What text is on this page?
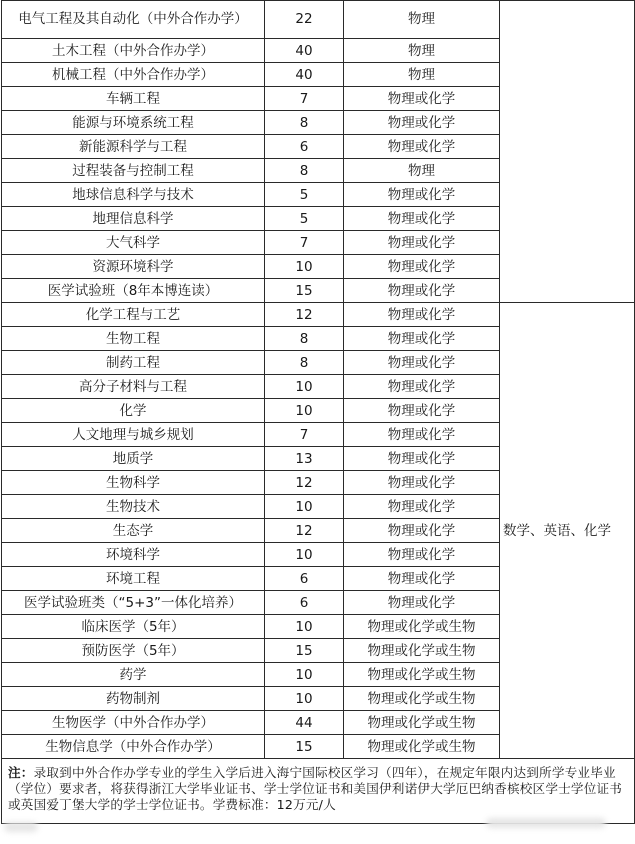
电气工程及其自动化（中外合作办学）	22	物理	
土木工程（中外合作办学）	40	物理	
机械工程（中外合作办学）	40	物理	
车辆工程	7	物理或化学	
能源与环境系统工程	8	物理或化学	
新能源科学与工程	6	物理或化学	
过程装备与控制工程	8	物理	
地球信息科学与技术	5	物理或化学	
地理信息科学	5	物理或化学	
大气科学	7	物理或化学	
资源环境科学	10	物理或化学	
医学试验班（8年本博连读）	15	物理或化学	
化学工程与工艺	12	物理或化学	数学、英语、化学
生物工程	8	物理或化学	
制药工程	8	物理或化学	
高分子材料与工程	10	物理或化学	
化学	10	物理或化学	
人文地理与城乡规划	7	物理或化学	
地质学	13	物理或化学	
生物科学	12	物理或化学	
生物技术	10	物理或化学	
生态学	12	物理或化学	
环境科学	10	物理或化学	
环境工程	6	物理或化学	
医学试验班类（“5+3”一体化培养）	6	物理或化学	
临床医学（5年）	10	物理或化学或生物	
预防医学（5年）	15	物理或化学或生物	
药学	10	物理或化学或生物	
药物制剂	10	物理或化学或生物	
生物医学（中外合作办学）	44	物理或化学或生物	
生物信息学（中外合作办学）	15	物理或化学或生物	
注：录取到中外合作办学专业的学生入学后进入海宁国际校区学习（四年），在规定年限内达到所学专业毕业（学位）要求者，将获得浙江大学毕业证书、学士学位证书和美国伊利诺伊大学厄巴纳香槟校区学士学位证书或英国爱丁堡大学的学士学位证书。学费标准：12万元/人			
